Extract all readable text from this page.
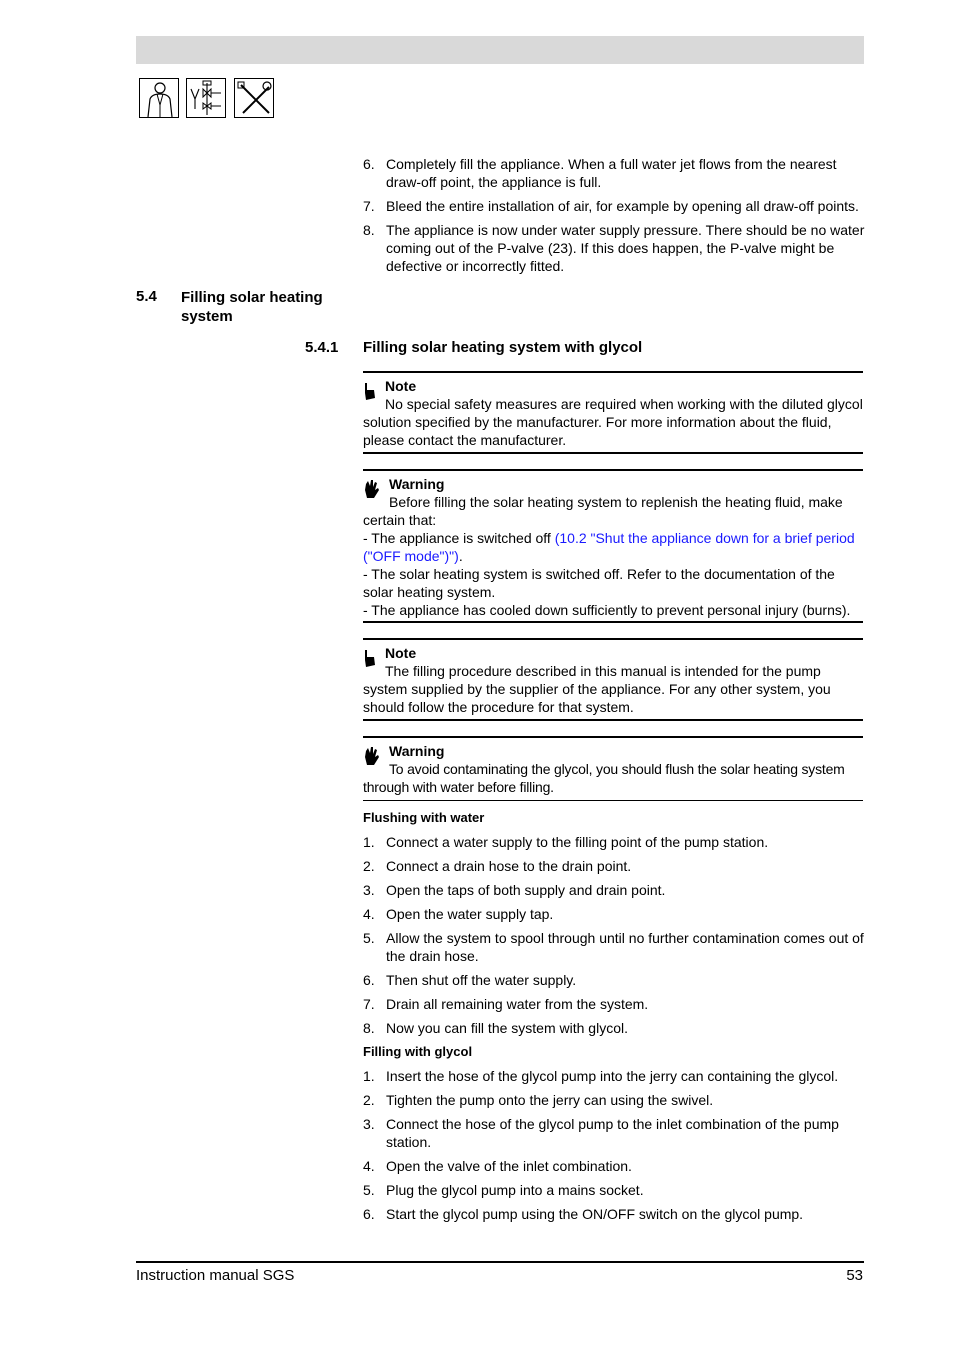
6. Completely fill the appliance. When a full water jet flows from the nearest draw-off point, the appliance is full.
7. Bleed the entire installation of air, for example by opening all draw-off points.
8. The appliance is now under water supply pressure. There should be no water coming out of the P-valve (23). If this does happen, the P-valve might be defective or incorrectly fitted.
5.4 Filling solar heating system
5.4.1 Filling solar heating system with glycol
Note
No special safety measures are required when working with the diluted glycol solution specified by the manufacturer. For more information about the fluid, please contact the manufacturer.
Warning
Before filling the solar heating system to replenish the heating fluid, make certain that:
- The appliance is switched off (10.2 "Shut the appliance down for a brief period ("OFF mode")").
- The solar heating system is switched off. Refer to the documentation of the solar heating system.
- The appliance has cooled down sufficiently to prevent personal injury (burns).
Note
The filling procedure described in this manual is intended for the pump system supplied by the supplier of the appliance. For any other system, you should follow the procedure for that system.
Warning
To avoid contaminating the glycol, you should flush the solar heating system through with water before filling.
Flushing with water
1. Connect a water supply to the filling point of the pump station.
2. Connect a drain hose to the drain point.
3. Open the taps of both supply and drain point.
4. Open the water supply tap.
5. Allow the system to spool through until no further contamination comes out of the drain hose.
6. Then shut off the water supply.
7. Drain all remaining water from the system.
8. Now you can fill the system with glycol.
Filling with glycol
1. Insert the hose of the glycol pump into the jerry can containing the glycol.
2. Tighten the pump onto the jerry can using the swivel.
3. Connect the hose of the glycol pump to the inlet combination of the pump station.
4. Open the valve of the inlet combination.
5. Plug the glycol pump into a mains socket.
6. Start the glycol pump using the ON/OFF switch on the glycol pump.
Instruction manual SGS	53
